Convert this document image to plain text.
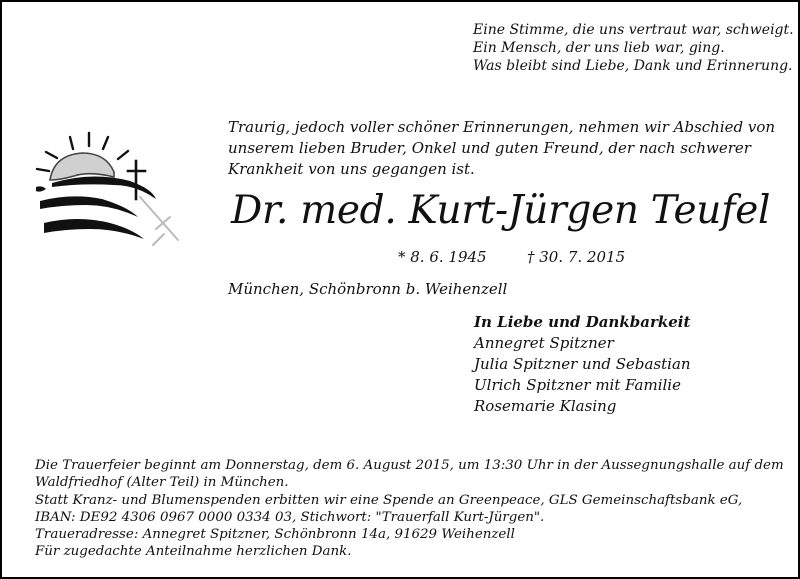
Eine Stimme, die uns vertraut war, schweigt.
Ein Mensch, der uns lieb war, ging.
Was bleibt sind Liebe, Dank und Erinnerung.
Traurig, jedoch voller schöner Erinnerungen, nehmen wir Abschied von
unserem lieben Bruder, Onkel und guten Freund, der nach schwerer
Krankheit von uns gegangen ist.
Dr. med. Kurt-Jürgen Teufel
* 8. 6. 1945	† 30. 7. 2015
München, Schönbronn b. Weihenzell
In Liebe und Dankbarkeit
Annegret Spitzner
Julia Spitzner und Sebastian
Ulrich Spitzner mit Familie
Rosemarie Klasing
Die Trauerfeier beginnt am Donnerstag, dem 6. August 2015, um 13:30 Uhr in der Aussegnungshalle auf dem
Waldfriedhof (Alter Teil) in München.
Statt Kranz- und Blumenspenden erbitten wir eine Spende an Greenpeace, GLS Gemeinschaftsbank eG,
IBAN: DE92 4306 0967 0000 0334 03, Stichwort: "Trauerfall Kurt-Jürgen".
Traueradresse: Annegret Spitzner, Schönbronn 14a, 91629 Weihenzell
Für zugedachte Anteilnahme herzlichen Dank.
